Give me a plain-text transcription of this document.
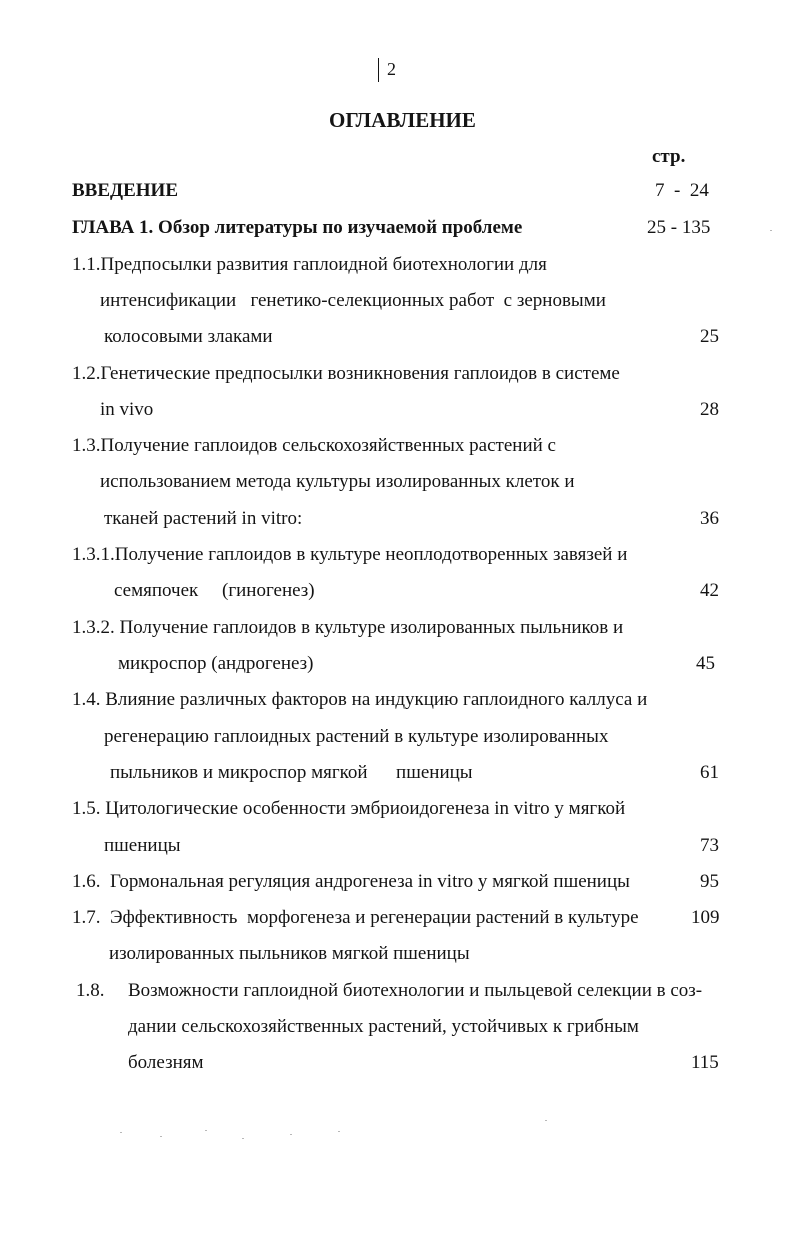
2
ОГЛАВЛЕНИЕ
стр.
ВВЕДЕНИЕ	7  -  24
ГЛАВА 1. Обзор литературы по изучаемой проблеме	25 - 135
1.1.Предпосылки развития гаплоидной биотехнологии для
интенсификации   генетико-селекционных работ  с зерновыми
колосовыми злаками	25
1.2.Генетические предпосылки возникновения гаплоидов в системе
in vivo	28
1.3.Получение гаплоидов сельскохозяйственных растений с
использованием метода культуры изолированных клеток и
тканей растений in vitro:	36
1.3.1.Получение гаплоидов в культуре неоплодотворенных завязей и
семяпочек     (гиногенез)	42
1.3.2. Получение гаплоидов в культуре изолированных пыльников и
микроспор (андрогенез)	45
1.4. Влияние различных факторов на индукцию гаплоидного каллуса и
регенерацию гаплоидных растений в культуре изолированных
пыльников и микроспор мягкой      пшеницы	61
1.5. Цитологические особенности эмбриоидогенеза in vitro у мягкой
пшеницы	73
1.6.  Гормональная регуляция андрогенеза in vitro у мягкой пшеницы	95
1.7.  Эффективность  морфогенеза и регенерации растений в культуре	109
изолированных пыльников мягкой пшеницы
1.8. Возможности гаплоидной биотехнологии и пыльцевой селекции в соз-
дании сельскохозяйственных растений, устойчивых к грибным
болезням	115
